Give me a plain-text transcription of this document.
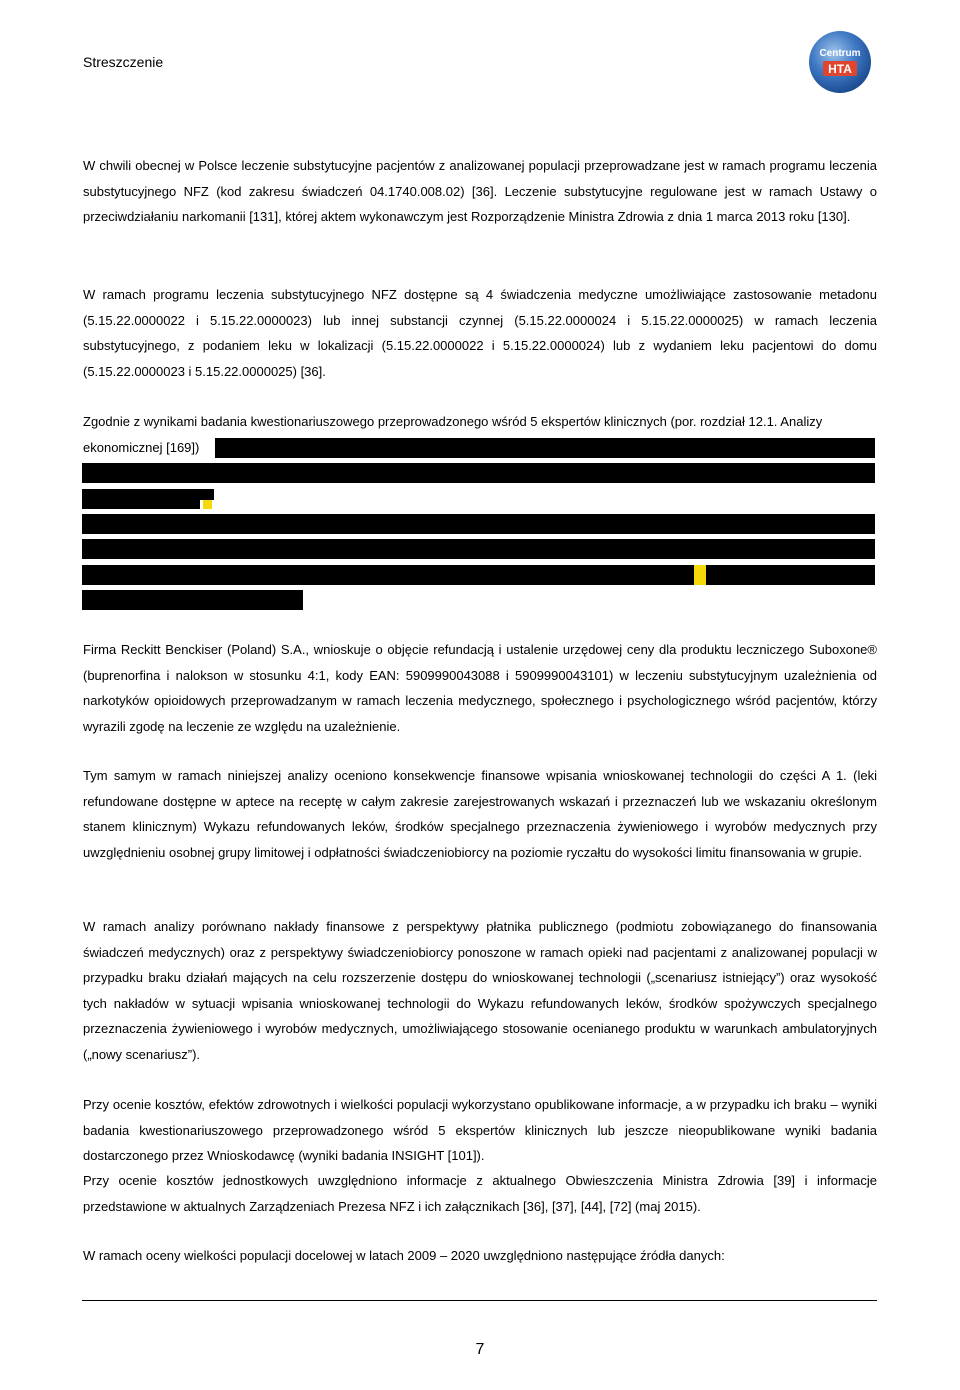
Streszczenie
Centrum
HTA
W chwili obecnej w Polsce leczenie substytucyjne pacjentów z analizowanej populacji przeprowadzane jest w ramach programu leczenia substytucyjnego NFZ (kod zakresu świadczeń 04.1740.008.02) [36]. Leczenie substytucyjne regulowane jest w ramach Ustawy o przeciwdziałaniu narkomanii [131], której aktem wykonawczym jest Rozporządzenie Ministra Zdrowia z dnia 1 marca 2013 roku [130].
W ramach programu leczenia substytucyjnego NFZ dostępne są 4 świadczenia medyczne umożliwiające zastosowanie metadonu (5.15.22.0000022 i 5.15.22.0000023) lub innej substancji czynnej (5.15.22.0000024 i 5.15.22.0000025) w ramach leczenia substytucyjnego, z podaniem leku w lokalizacji (5.15.22.0000022 i 5.15.22.0000024) lub z wydaniem leku pacjentowi do domu (5.15.22.0000023 i 5.15.22.0000025) [36].
Zgodnie z wynikami badania kwestionariuszowego przeprowadzonego wśród 5 ekspertów klinicznych (por. rozdział 12.1. Analizy
ekonomicznej [169])
Firma Reckitt Benckiser (Poland) S.A., wnioskuje o objęcie refundacją i ustalenie urzędowej ceny dla produktu leczniczego Suboxone® (buprenorfina i nalokson w stosunku 4:1, kody EAN: 5909990043088 i 5909990043101) w leczeniu substytucyjnym uzależnienia od narkotyków opioidowych przeprowadzanym w ramach leczenia medycznego, społecznego i psychologicznego wśród pacjentów, którzy wyrazili zgodę na leczenie ze względu na uzależnienie.
Tym samym w ramach niniejszej analizy oceniono konsekwencje finansowe wpisania wnioskowanej technologii do części A 1. (leki refundowane dostępne w aptece na receptę w całym zakresie zarejestrowanych wskazań i przeznaczeń lub we wskazaniu określonym stanem klinicznym) Wykazu refundowanych leków, środków specjalnego przeznaczenia żywieniowego i wyrobów medycznych przy uwzględnieniu osobnej grupy limitowej i odpłatności świadczeniobiorcy na poziomie ryczałtu do wysokości limitu finansowania w grupie.
W ramach analizy porównano nakłady finansowe z perspektywy płatnika publicznego (podmiotu zobowiązanego do finansowania świadczeń medycznych) oraz z perspektywy świadczeniobiorcy ponoszone w ramach opieki nad pacjentami z analizowanej populacji w przypadku braku działań mających na celu rozszerzenie dostępu do wnioskowanej technologii („scenariusz istniejący”) oraz wysokość tych nakładów w sytuacji wpisania wnioskowanej technologii do Wykazu refundowanych leków, środków spożywczych specjalnego przeznaczenia żywieniowego i wyrobów medycznych, umożliwiającego stosowanie ocenianego produktu w warunkach ambulatoryjnych („nowy scenariusz”).
Przy ocenie kosztów, efektów zdrowotnych i wielkości populacji wykorzystano opublikowane informacje, a w przypadku ich braku – wyniki badania kwestionariuszowego przeprowadzonego wśród 5 ekspertów klinicznych lub jeszcze nieopublikowane wyniki badania dostarczonego przez Wnioskodawcę (wyniki badania INSIGHT [101]).
Przy ocenie kosztów jednostkowych uwzględniono informacje z aktualnego Obwieszczenia Ministra Zdrowia [39] i informacje przedstawione w aktualnych Zarządzeniach Prezesa NFZ i ich załącznikach [36], [37], [44], [72] (maj 2015).
W ramach oceny wielkości populacji docelowej w latach 2009 – 2020 uwzględniono następujące źródła danych:
7
